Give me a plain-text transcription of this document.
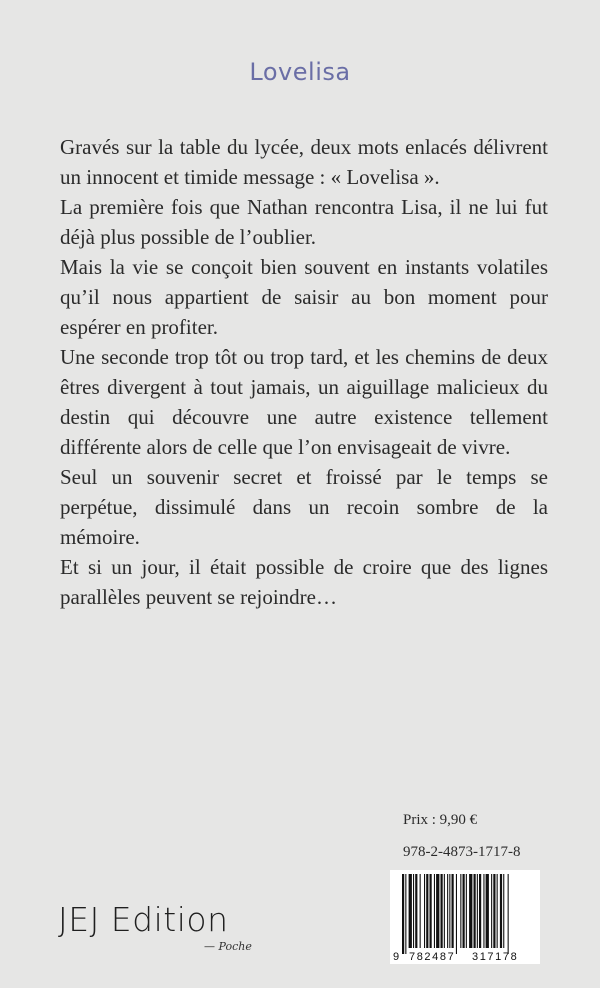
Lovelisa

Gravés sur la table du lycée, deux mots enlacés délivrent un innocent et timide message : « Lovelisa ».

La première fois que Nathan rencontra Lisa, il ne lui fut déjà plus possible de l’oublier.

Mais la vie se conçoit bien souvent en instants volatiles qu’il nous appartient de saisir au bon moment pour espérer en profiter.

Une seconde trop tôt ou trop tard, et les chemins de deux êtres divergent à tout jamais, un aiguillage malicieux du destin qui découvre une autre existence tellement différente alors de celle que l’on envisageait de vivre.

Seul un souvenir secret et froissé par le temps se perpétue, dissimulé dans un recoin sombre de la mémoire.

Et si un jour, il était possible de croire que des lignes parallèles peuvent se rejoindre…

Prix : 9,90 €
978-2-4873-1717-8
9 782487 317178
JEJ Edition
— Poche
